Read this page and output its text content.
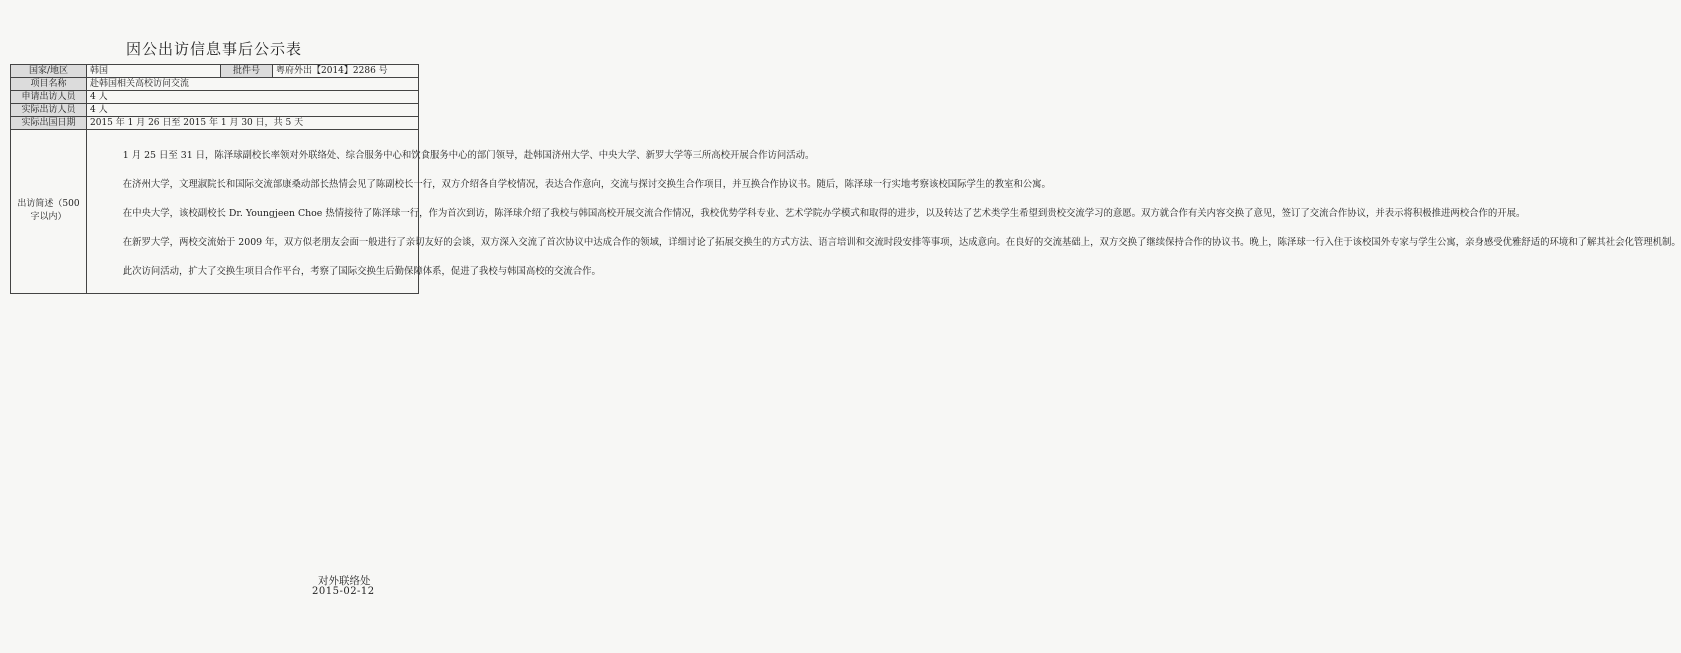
因公出访信息事后公示表
国家/地区	韩国	批件号	粤府外出【2014】2286 号
项目名称	赴韩国相关高校访问交流		
申请出访人员	4 人		
实际出访人员	4 人		
实际出国日期	2015 年 1 月 26 日至 2015 年 1 月 30 日，共 5 天		
出访简述（500 字以内）	1 月 25 日至 31 日，陈泽球副校长率领对外联络处、综合服务中心和饮食服务中心的部门领导，赴韩国济州大学、中央大学、新罗大学等三所高校开展合作访问活动。

在济州大学，文理淑院长和国际交流部康桑动部长热情会见了陈副校长一行，双方介绍各自学校情况，表达合作意向，交流与探讨交换生合作项目，并互换合作协议书。随后，陈泽球一行实地考察该校国际学生的教室和公寓。

在中央大学，该校副校长 Dr. Youngjeen Choe 热情接待了陈泽球一行，作为首次到访，陈泽球介绍了我校与韩国高校开展交流合作情况，我校优势学科专业、艺术学院办学模式和取得的进步，以及转达了艺术类学生希望到贵校交流学习的意愿。双方就合作有关内容交换了意见，签订了交流合作协议，并表示将积极推进两校合作的开展。

在新罗大学，两校交流始于 2009 年，双方似老朋友会面一般进行了亲切友好的会谈，双方深入交流了首次协议中达成合作的领域，详细讨论了拓展交换生的方式方法、语言培训和交流时段安排等事项，达成意向。在良好的交流基础上，双方交换了继续保持合作的协议书。晚上，陈泽球一行入住于该校国外专家与学生公寓，亲身感受优雅舒适的环境和了解其社会化管理机制。

此次访问活动，扩大了交换生项目合作平台，考察了国际交换生后勤保障体系，促进了我校与韩国高校的交流合作。		

对外联络处
2015-02-12
